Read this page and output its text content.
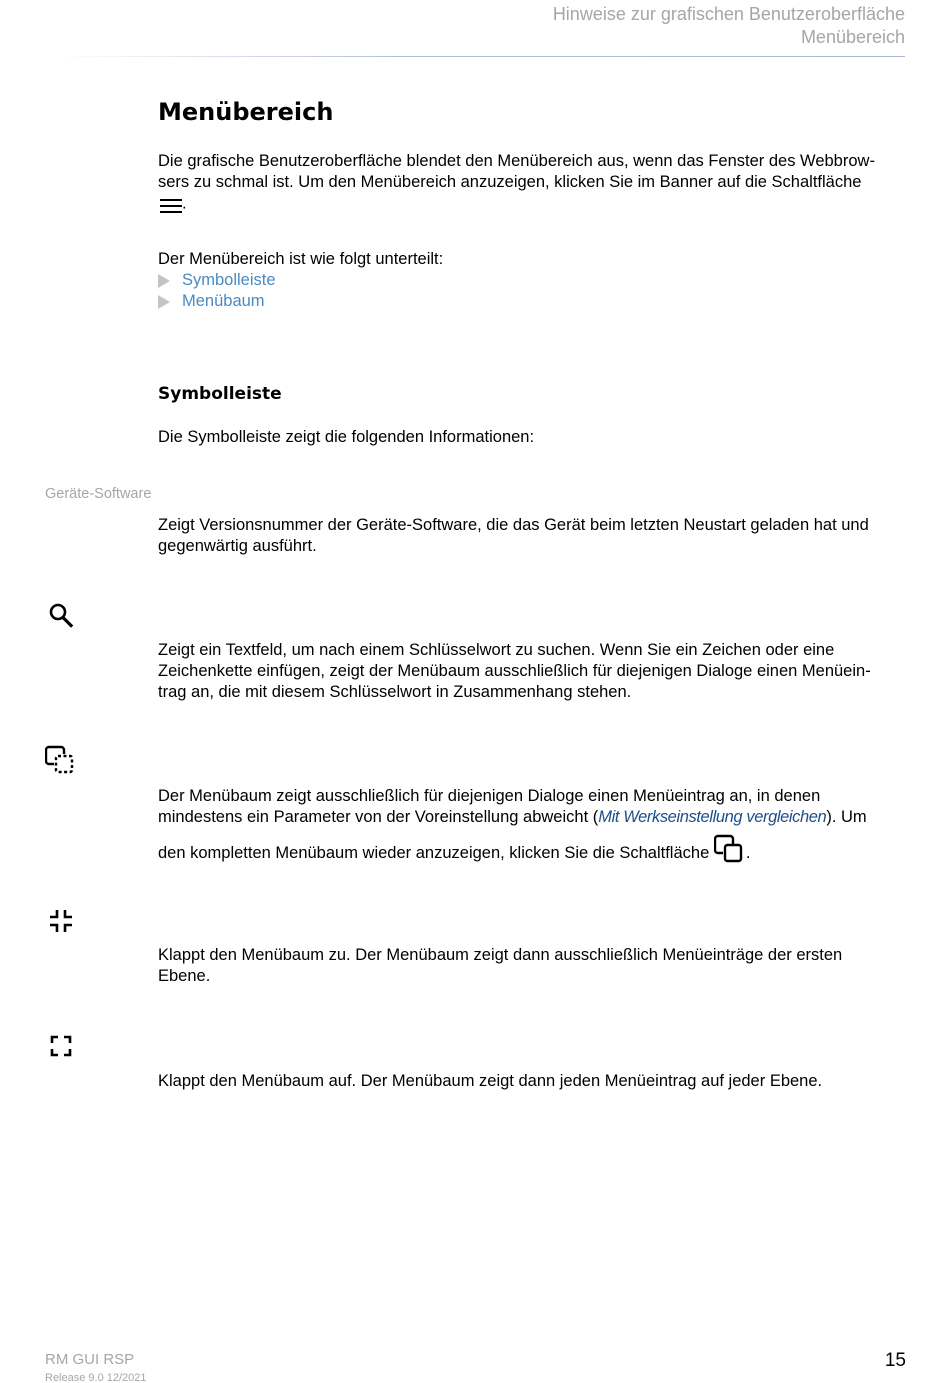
Hinweise zur grafischen Benutzeroberfläche
Menübereich
Menübereich
Die grafische Benutzeroberfläche blendet den Menübereich aus, wenn das Fenster des Webbrow-
sers zu schmal ist. Um den Menübereich anzuzeigen, klicken Sie im Banner auf die Schaltfläche
.
Der Menübereich ist wie folgt unterteilt:
Symbolleiste
Menübaum
Symbolleiste
Die Symbolleiste zeigt die folgenden Informationen:
Geräte-Software
Zeigt Versionsnummer der Geräte-Software, die das Gerät beim letzten Neustart geladen hat und
gegenwärtig ausführt.
Zeigt ein Textfeld, um nach einem Schlüsselwort zu suchen. Wenn Sie ein Zeichen oder eine
Zeichenkette einfügen, zeigt der Menübaum ausschließlich für diejenigen Dialoge einen Menüein-
trag an, die mit diesem Schlüsselwort in Zusammenhang stehen.
Der Menübaum zeigt ausschließlich für diejenigen Dialoge einen Menüeintrag an, in denen
mindestens ein Parameter von der Voreinstellung abweicht (Mit Werkseinstellung vergleichen). Um
den kompletten Menübaum wieder anzuzeigen, klicken Sie die Schaltfläche .
Klappt den Menübaum zu. Der Menübaum zeigt dann ausschließlich Menüeinträge der ersten
Ebene.
Klappt den Menübaum auf. Der Menübaum zeigt dann jeden Menüeintrag auf jeder Ebene.
RM GUI RSP
Release 9.0 12/2021
15
